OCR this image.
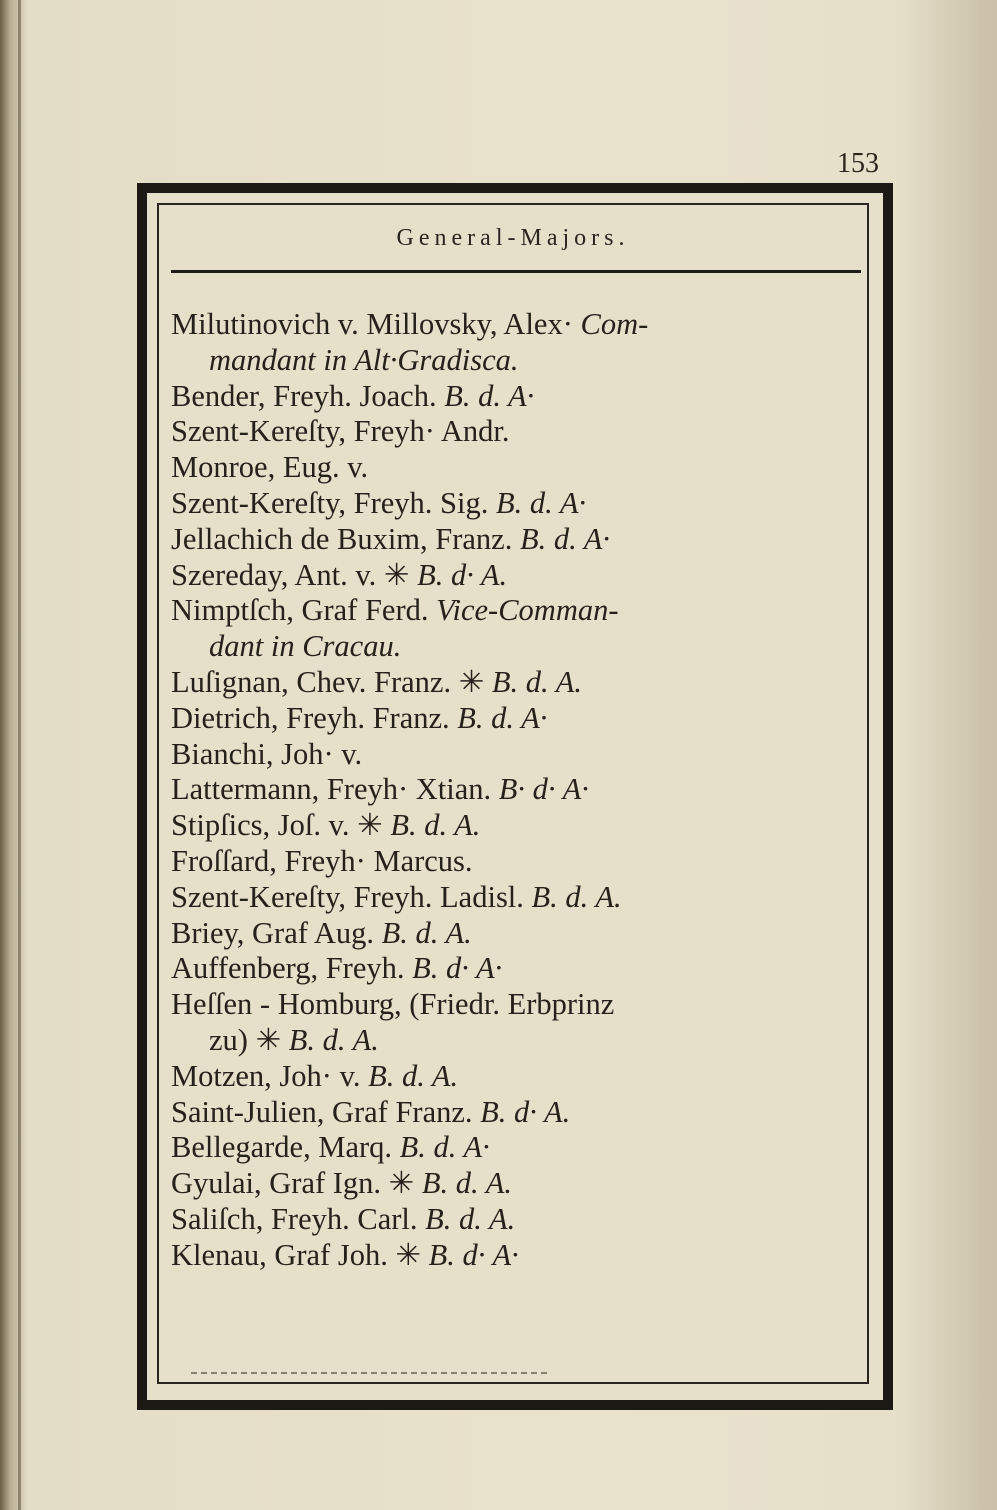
153
General-Majors.
Milutinovich v. Millovsky, Alex· Com-
mandant in Alt·Gradisca.
Bender, Freyh. Joach. B. d. A·
Szent-Kereſty, Freyh· Andr.
Monroe, Eug. v.
Szent-Kereſty, Freyh. Sig. B. d. A·
Jellachich de Buxim, Franz. B. d. A·
Szereday, Ant. v. ✳ B. d· A.
Nimptſch, Graf Ferd. Vice-Comman-
dant in Cracau.
Luſignan, Chev. Franz. ✳ B. d. A.
Dietrich, Freyh. Franz. B. d. A·
Bianchi, Joh· v.
Lattermann, Freyh· Xtian. B· d· A·
Stipſics, Joſ. v. ✳ B. d. A.
Froſſard, Freyh· Marcus.
Szent-Kereſty, Freyh. Ladisl. B. d. A.
Briey, Graf Aug. B. d. A.
Auffenberg, Freyh. B. d· A·
Heſſen - Homburg, (Friedr. Erbprinz
zu) ✳ B. d. A.
Motzen, Joh· v. B. d. A.
Saint-Julien, Graf Franz. B. d· A.
Bellegarde, Marq. B. d. A·
Gyulai, Graf Ign. ✳ B. d. A.
Saliſch, Freyh. Carl. B. d. A.
Klenau, Graf Joh. ✳ B. d· A·
